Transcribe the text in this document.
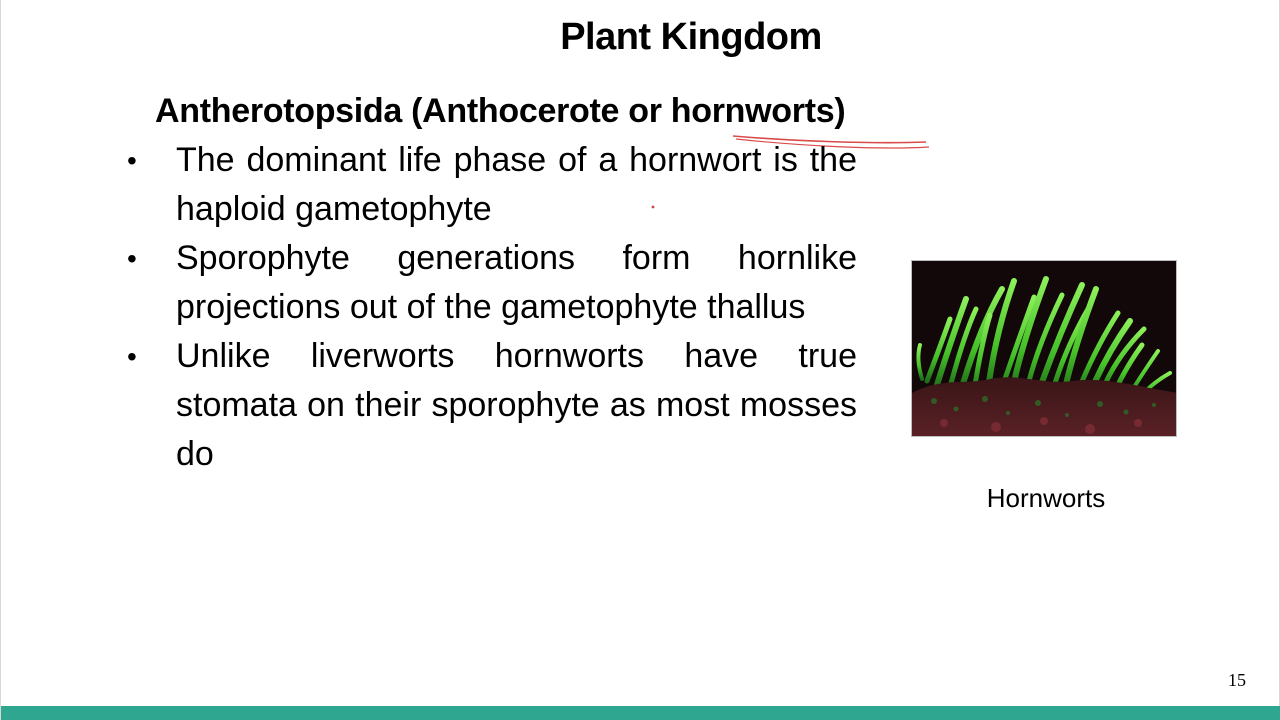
Plant Kingdom
Antherotopsida (Anthocerote or hornworts)
• The dominant life phase of a hornwort is the haploid gametophyte
• Sporophyte generations form hornlike projections out of the gametophyte thallus
• Unlike liverworts hornworts have true stomata on their sporophyte as most mosses do
Hornworts
15
